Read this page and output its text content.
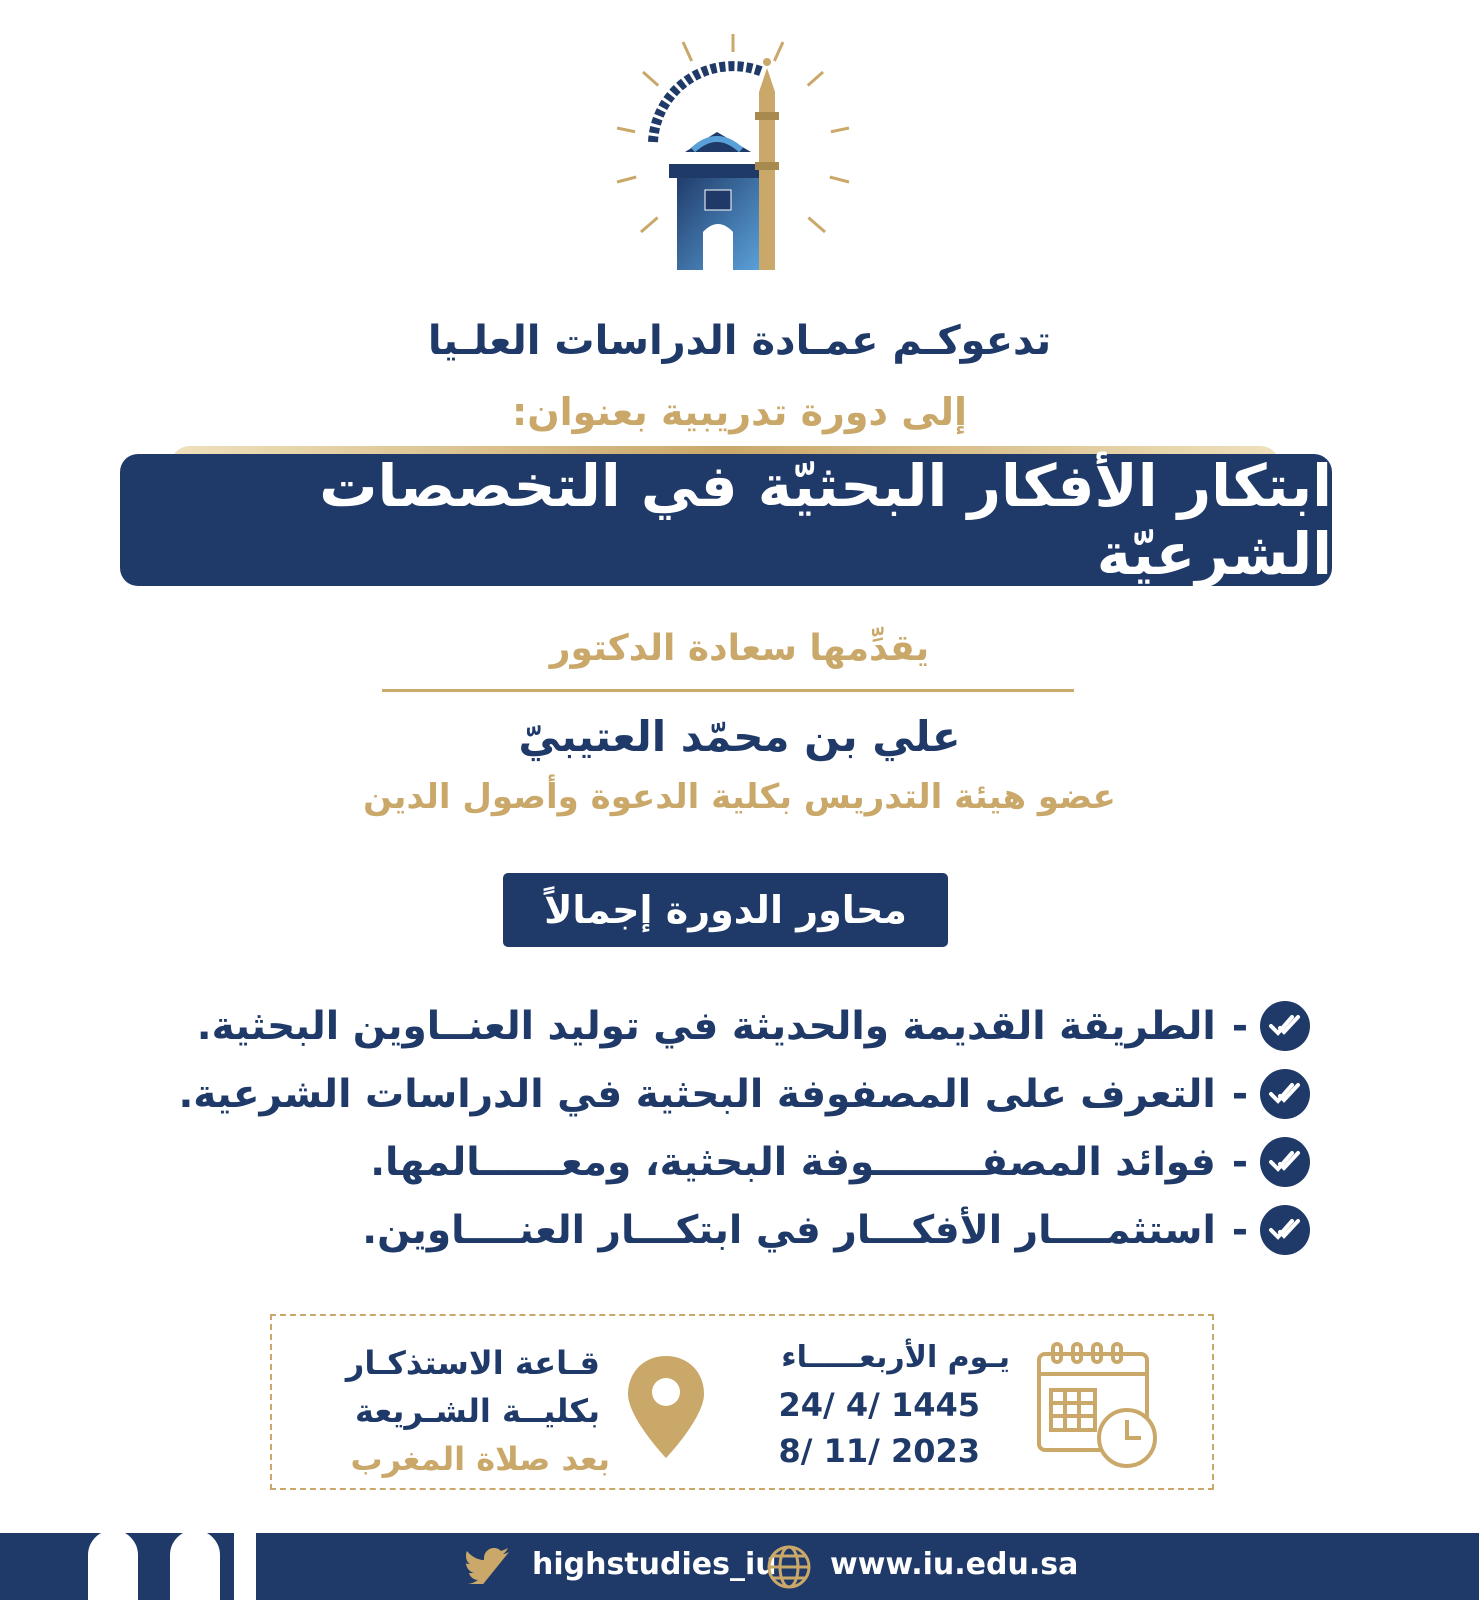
تدعوكـم عمـادة الدراسات العلـيا
إلى دورة تدريبية بعنوان:
ابتكار الأفكار البحثيّة في التخصصات الشرعيّة
يقدِّمها سعادة الدكتور
علي بن محمّد العتيبيّ
عضو هيئة التدريس بكلية الدعوة وأصول الدين
محاور الدورة إجمالاً
-
الطريقة القديمة والحديثة في توليد العنــاوين البحثية.
-
التعرف على المصفوفة البحثية في الدراسات الشرعية.
-
فوائد المصفــــــــوفة البحثية، ومعــــــالمها.
-
استثمــــار الأفكـــار في ابتكـــار العنــــاوين.
يـوم الأربعـــــاء
24/ 4/ 1445
8/ 11/ 2023
قـاعة الاستذكـار
بكليــة الشـريعة
بعد صلاة المغرب
highstudies_iu www.iu.edu.sa
